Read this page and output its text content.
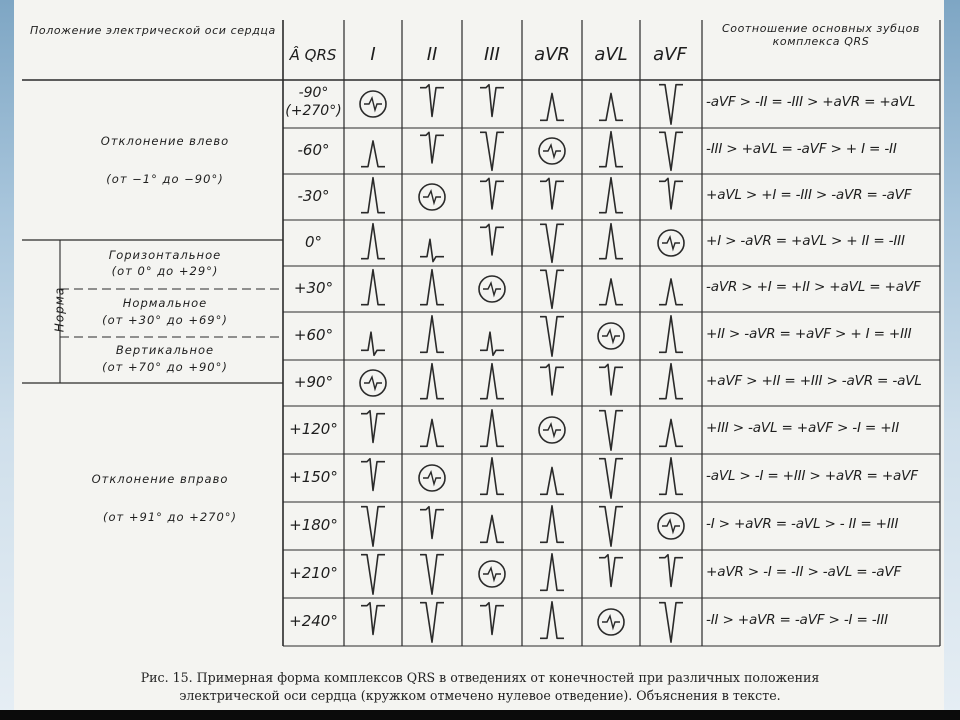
Положение электрической оси сердца
Â QRS	I	II	III	aVR	aVL	aVF
Соотношение основных зубцов комплекса QRS
Отклонение влево
(от −1° до −90°)
Норма
Горизонтальное
(от 0° до +29°)
Нормальное
(от +30° до +69°)
Вертикальное
(от +70° до +90°)
Отклонение вправо
(от +91° до +270°)
-90°
(+270°)
-aVF > -II = -III > +aVR = +aVL
-60°	-III > +aVL = -aVF > + I = -II
-30°	+aVL > +I = -III > -aVR = -aVF
0°	+I > -aVR = +aVL > + II = -III
+30°	-aVR > +I = +II > +aVL = +aVF
+60°	+II > -aVR = +aVF > + I = +III
+90°	+aVF > +II = +III > -aVR = -aVL
+120°	+III > -aVL = +aVF > -I = +II
+150°	-aVL > -I = +III > +aVR = +aVF
+180°	-I > +aVR = -aVL > - II = +III
+210°	+aVR > -I = -II > -aVL = -aVF
+240°	-II > +aVR = -aVF > -I = -III
Рис. 15. Примерная форма комплексов QRS в отведениях от конечностей при различных положения
электрической оси сердца (кружком отмечено нулевое отведение). Объяснения в тексте.
